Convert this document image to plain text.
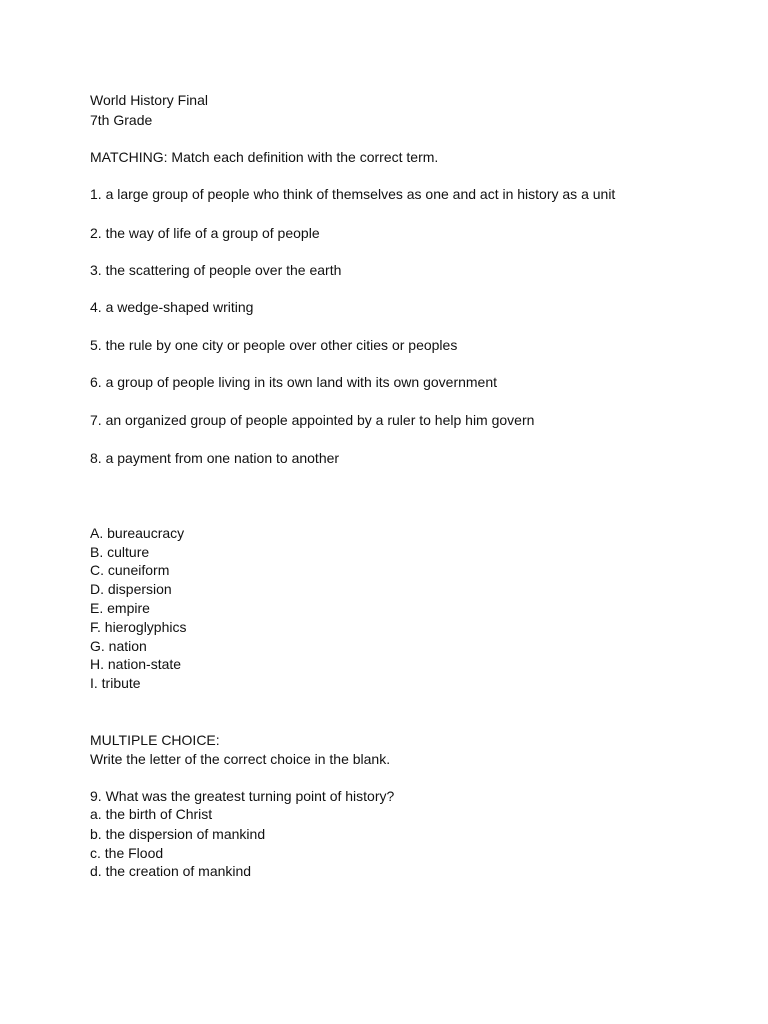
World History Final
7th Grade
MATCHING: Match each definition with the correct term.
1. a large group of people who think of themselves as one and act in history as a unit
2. the way of life of a group of people
3. the scattering of people over the earth
4. a wedge-shaped writing
5. the rule by one city or people over other cities or peoples
6. a group of people living in its own land with its own government
7. an organized group of people appointed by a ruler to help him govern
8. a payment from one nation to another
A. bureaucracy
B. culture
C. cuneiform
D. dispersion
E. empire
F. hieroglyphics
G. nation
H. nation-state
I. tribute
MULTIPLE CHOICE:
Write the letter of the correct choice in the blank.
9. What was the greatest turning point of history?
a. the birth of Christ
b. the dispersion of mankind
c. the Flood
d. the creation of mankind
